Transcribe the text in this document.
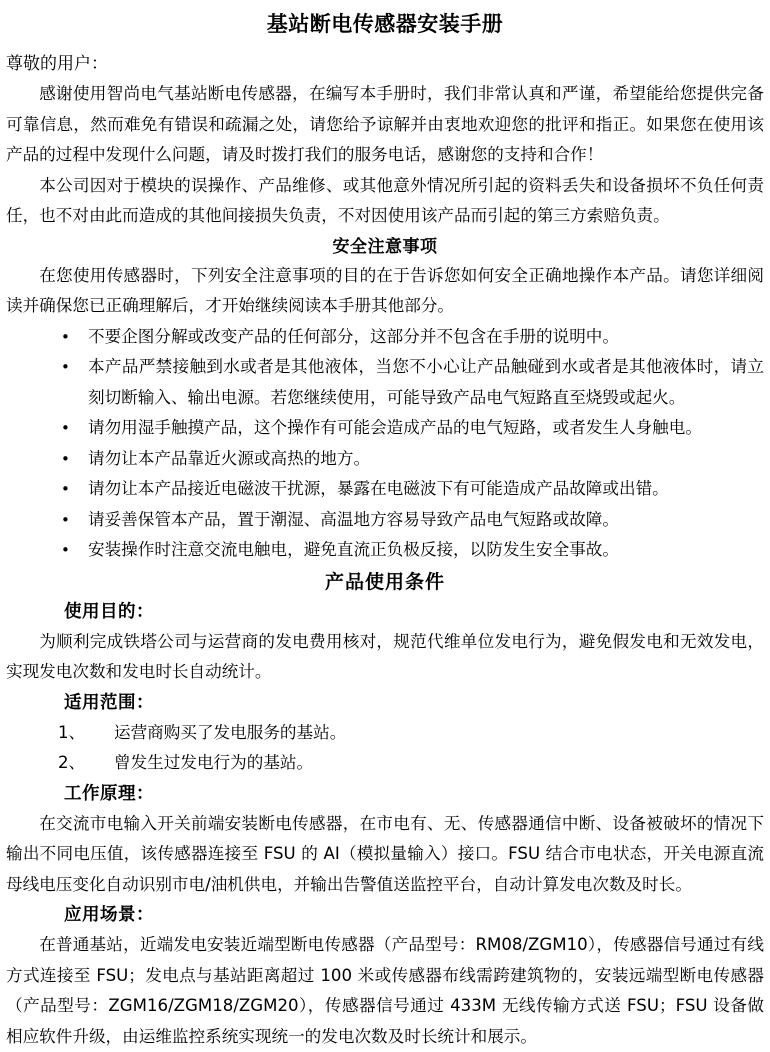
基站断电传感器安装手册
尊敬的用户：

感谢使用智尚电气基站断电传感器，在编写本手册时，我们非常认真和严谨，希望能给您提供完备可靠信息，然而难免有错误和疏漏之处，请您给予谅解并由衷地欢迎您的批评和指正。如果您在使用该产品的过程中发现什么问题，请及时拨打我们的服务电话，感谢您的支持和合作！

本公司因对于模块的误操作、产品维修、或其他意外情况所引起的资料丢失和设备损坏不负任何责任，也不对由此而造成的其他间接损失负责，不对因使用该产品而引起的第三方索赔负责。

安全注意事项

在您使用传感器时，下列安全注意事项的目的在于告诉您如何安全正确地操作本产品。请您详细阅读并确保您已正确理解后，才开始继续阅读本手册其他部分。

• 不要企图分解或改变产品的任何部分，这部分并不包含在手册的说明中。
• 本产品严禁接触到水或者是其他液体，当您不小心让产品触碰到水或者是其他液体时，请立刻切断输入、输出电源。若您继续使用，可能导致产品电气短路直至烧毁或起火。
• 请勿用湿手触摸产品，这个操作有可能会造成产品的电气短路，或者发生人身触电。
• 请勿让本产品靠近火源或高热的地方。
• 请勿让本产品接近电磁波干扰源，暴露在电磁波下有可能造成产品故障或出错。
• 请妥善保管本产品，置于潮湿、高温地方容易导致产品电气短路或故障。
• 安装操作时注意交流电触电，避免直流正负极反接，以防发生安全事故。
产品使用条件
使用目的：

为顺利完成铁塔公司与运营商的发电费用核对，规范代维单位发电行为，避免假发电和无效发电，实现发电次数和发电时长自动统计。

适用范围：
1、 运营商购买了发电服务的基站。
2、 曾发生过发电行为的基站。
工作原理：

在交流市电输入开关前端安装断电传感器，在市电有、无、传感器通信中断、设备被破坏的情况下输出不同电压值，该传感器连接至 FSU 的 AI（模拟量输入）接口。FSU 结合市电状态，开关电源直流母线电压变化自动识别市电/油机供电，并输出告警值送监控平台，自动计算发电次数及时长。

应用场景：

在普通基站，近端发电安装近端型断电传感器（产品型号：RM08/ZGM10），传感器信号通过有线方式连接至 FSU；发电点与基站距离超过 100 米或传感器布线需跨建筑物的，安装远端型断电传感器（产品型号：ZGM16/ZGM18/ZGM20），传感器信号通过 433M 无线传输方式送 FSU；FSU 设备做相应软件升级，由运维监控系统实现统一的发电次数及时长统计和展示。
